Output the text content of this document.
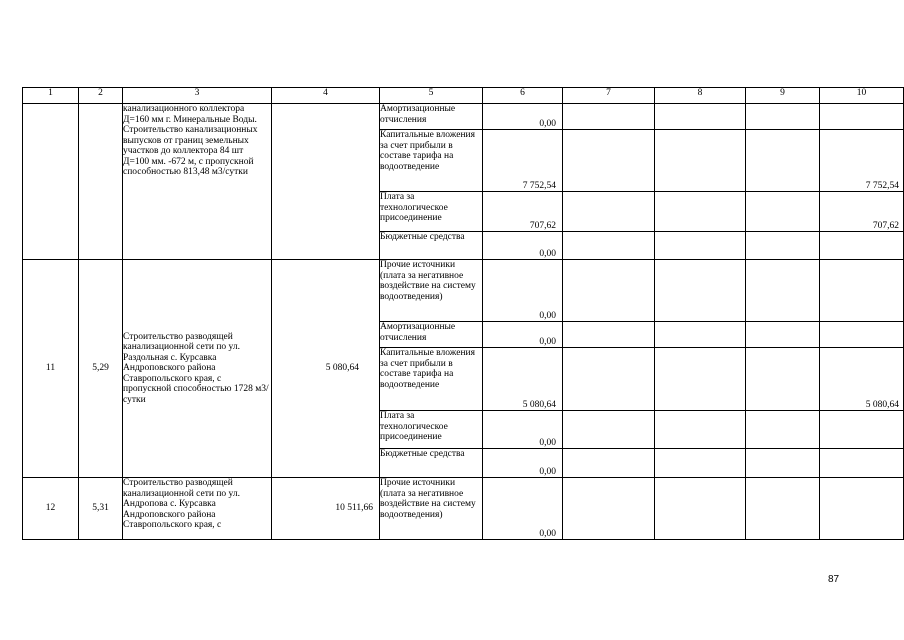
1	2	3	4	5	6	7	8	9	10
		канализационного коллектора Д=160 мм г. Минеральные Воды. Строительство канализационных выпусков от границ земельных участков до коллектора 84 шт Д=100 мм. -672 м, с пропускной способностью 813,48 м3/сутки		Амортизационные отчисления	0,00				
				Капитальные вложения за счет прибыли в составе тарифа на водоотведение	7 752,54				7 752,54
				Плата за технологическое присоединение	707,62				707,62
				Бюджетные средства	0,00				
11	5,29	Строительство разводящей канализационной сети по ул. Раздольная с. Курсавка Андроповского района Ставропольского края, с пропускной способностью 1728 м3/сутки	5 080,64	Прочие источники (плата за негативное воздействие на систему водоотведения)	0,00				
				Амортизационные отчисления	0,00				
				Капитальные вложения за счет прибыли в составе тарифа на водоотведение	5 080,64				5 080,64
				Плата за технологическое присоединение	0,00				
				Бюджетные средства	0,00				
12	5,31	Строительство разводящей канализационной сети по ул. Андропова с. Курсавка Андроповского района Ставропольского края, с	10 511,66	Прочие источники (плата за негативное воздействие на систему водоотведения)	0,00				
87
